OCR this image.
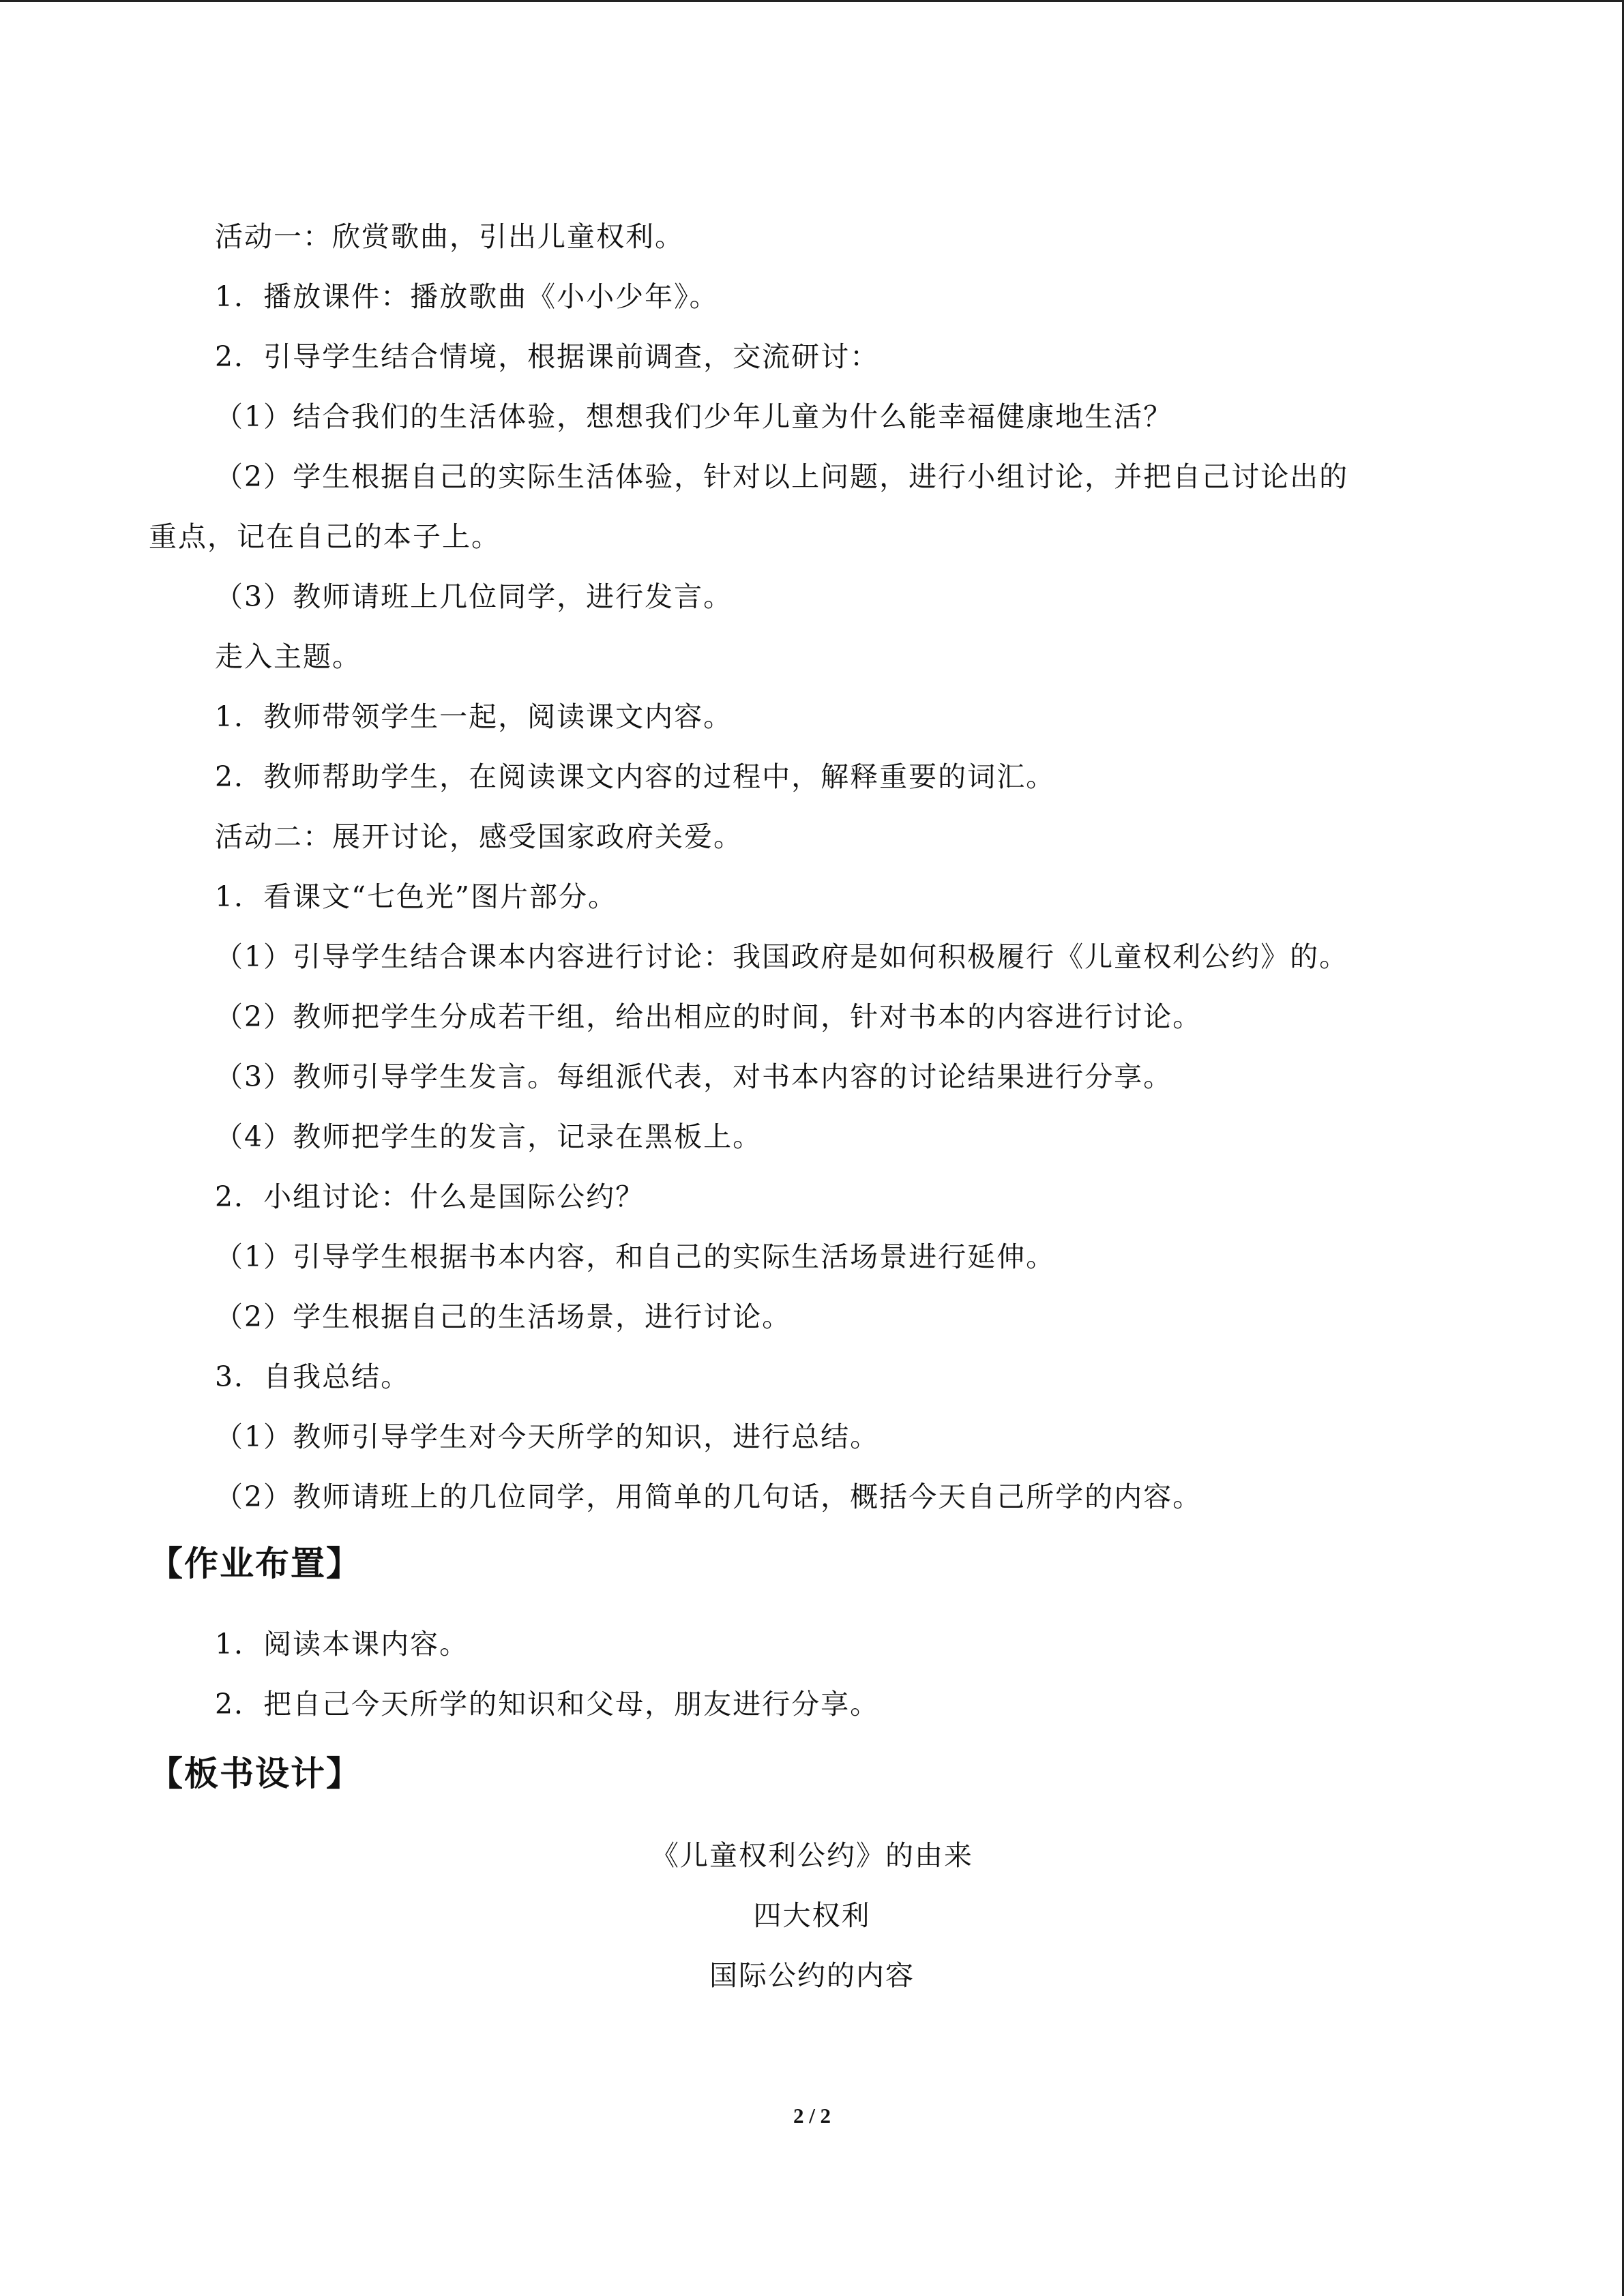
活动一：欣赏歌曲，引出儿童权利。
1．播放课件：播放歌曲《小小少年》。
2．引导学生结合情境，根据课前调查，交流研讨：
（1）结合我们的生活体验，想想我们少年儿童为什么能幸福健康地生活？
（2）学生根据自己的实际生活体验，针对以上问题，进行小组讨论，并把自己讨论出的
重点，记在自己的本子上。
（3）教师请班上几位同学，进行发言。
走入主题。
1．教师带领学生一起，阅读课文内容。
2．教师帮助学生，在阅读课文内容的过程中，解释重要的词汇。
活动二：展开讨论，感受国家政府关爱。
1．看课文“七色光”图片部分。
（1）引导学生结合课本内容进行讨论：我国政府是如何积极履行《儿童权利公约》的。
（2）教师把学生分成若干组，给出相应的时间，针对书本的内容进行讨论。
（3）教师引导学生发言。每组派代表，对书本内容的讨论结果进行分享。
（4）教师把学生的发言，记录在黑板上。
2．小组讨论：什么是国际公约？
（1）引导学生根据书本内容，和自己的实际生活场景进行延伸。
（2）学生根据自己的生活场景，进行讨论。
3．自我总结。
（1）教师引导学生对今天所学的知识，进行总结。
（2）教师请班上的几位同学，用简单的几句话，概括今天自己所学的内容。
【作业布置】
1．阅读本课内容。
2．把自己今天所学的知识和父母，朋友进行分享。
【板书设计】
《儿童权利公约》的由来
四大权利
国际公约的内容
2 / 2
